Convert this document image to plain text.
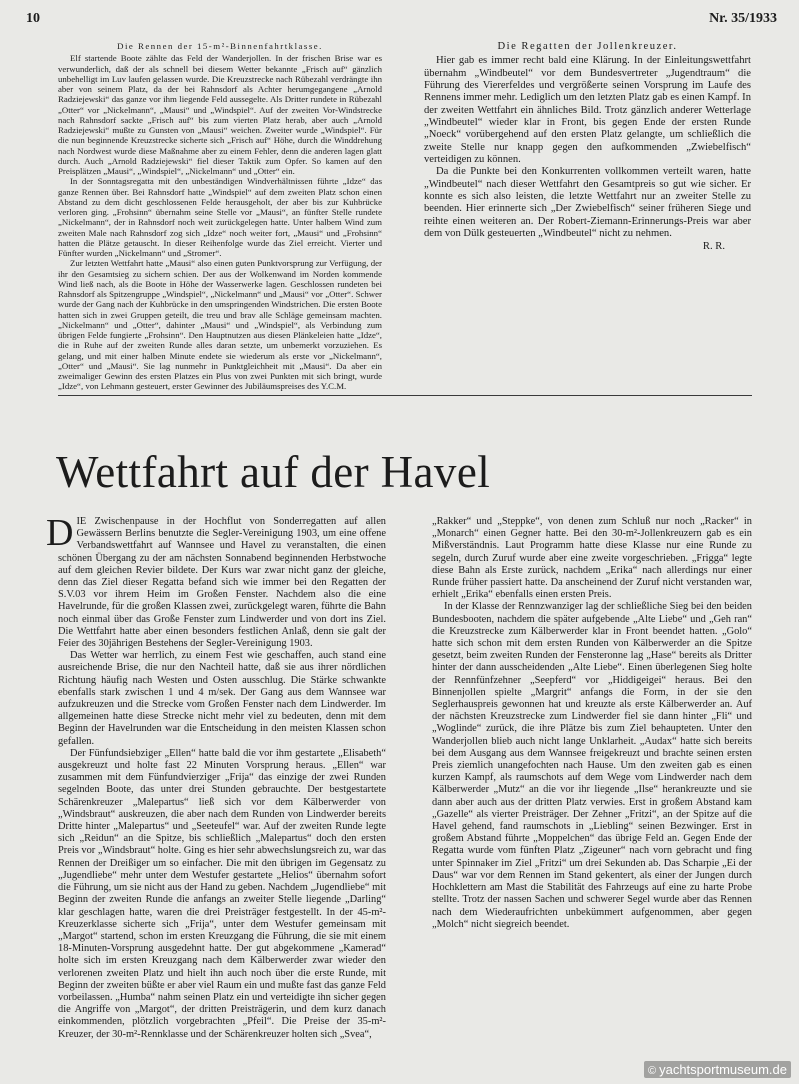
10	Nr. 35/1933

Die Rennen der 15-m²-Binnenfahrtklasse.

Elf startende Boote zählte das Feld der Wanderjollen. In der frischen Brise war es verwunderlich, daß der als schnell bei diesem Wetter bekannte „Frisch auf“ gänzlich unbehelligt im Luv laufen gelassen wurde. Die Kreuzstrecke nach Rübezahl verdrängte ihn aber von seinem Platz, da der bei Rahnsdorf als Achter herumgegangene „Arnold Radziejewski“ das ganze vor ihm liegende Feld aussegelte. Als Dritter rundete in Rübezahl „Otter“ vor „Nickelmann“, „Mausi“ und „Windspiel“. Auf der zweiten Vor-Windstrecke nach Rahnsdorf sackte „Frisch auf“ bis zum vierten Platz herab, aber auch „Arnold Radziejewski“ mußte zu Gunsten von „Mausi“ weichen. Zweiter wurde „Windspiel“. Für die nun beginnende Kreuzstrecke sicherte sich „Frisch auf“ Höhe, durch die Winddrehung nach Nordwest wurde diese Maßnahme aber zu einem Fehler, denn die anderen lagen glatt durch. Auch „Arnold Radziejewski“ fiel dieser Taktik zum Opfer. So kamen auf den Preisplätzen „Mausi“, „Windspiel“, „Nickelmann“ und „Otter“ ein.

In der Sonntagsregatta mit den unbeständigen Windverhältnissen führte „Idze“ das ganze Rennen über. Bei Rahnsdorf hatte „Windspiel“ auf dem zweiten Platz schon einen Abstand zu dem dicht geschlossenen Felde herausgeholt, der aber bis zur Kuhbrücke verloren ging. „Frohsinn“ übernahm seine Stelle vor „Mausi“, an fünfter Stelle rundete „Nickelmann“, der in Rahnsdorf noch weit zurückgelegen hatte. Unter halbem Wind zum zweiten Male nach Rahnsdorf zog sich „Idze“ noch weiter fort, „Mausi“ und „Frohsinn“ hatten die Plätze getauscht. In dieser Reihenfolge wurde das Ziel erreicht. Vierter und Fünfter wurden „Nickelmann“ und „Stromer“.

Zur letzten Wettfahrt hatte „Mausi“ also einen guten Punktvorsprung zur Verfügung, der ihr den Gesamtsieg zu sichern schien. Der aus der Wolkenwand im Norden kommende Wind ließ nach, als die Boote in Höhe der Wasserwerke lagen. Geschlossen rundeten bei Rahnsdorf als Spitzengruppe „Windspiel“, „Nickelmann“ und „Mausi“ vor „Otter“. Schwer wurde der Gang nach der Kuhbrücke in den umspringenden Windstrichen. Die ersten Boote hatten sich in zwei Gruppen geteilt, die treu und brav alle Schläge gemeinsam machten. „Nickelmann“ und „Otter“, dahinter „Mausi“ und „Windspiel“, als Verbindung zum übrigen Felde fungierte „Frohsinn“. Den Hauptnutzen aus diesen Plänkeleien hatte „Idze“, die in Ruhe auf der zweiten Runde alles daran setzte, um unbemerkt vorzuziehen. Es gelang, und mit einer halben Minute endete sie wiederum als erste vor „Nickelmann“, „Otter“ und „Mausi“. Sie lag nunmehr in Punktgleichheit mit „Mausi“. Da aber ein zweimaliger Gewinn des ersten Platzes ein Plus von zwei Punkten mit sich bringt, wurde „Idze“, von Lehmann gesteuert, erster Gewinner des Jubiläumspreises des Y.C.M.

Die Regatten der Jollenkreuzer.

Hier gab es immer recht bald eine Klärung. In der Einleitungswettfahrt übernahm „Windbeutel“ vor dem Bundesvertreter „Jugendtraum“ die Führung des Viererfeldes und vergrößerte seinen Vorsprung im Laufe des Rennens immer mehr. Lediglich um den letzten Platz gab es einen Kampf. In der zweiten Wettfahrt ein ähnliches Bild. Trotz gänzlich anderer Wetterlage „Windbeutel“ wieder klar in Front, bis gegen Ende der ersten Runde „Noeck“ vorübergehend auf den ersten Platz gelangte, um schließlich die zweite Stelle nur knapp gegen den aufkommenden „Zwiebelfisch“ verteidigen zu können.

Da die Punkte bei den Konkurrenten vollkommen verteilt waren, hatte „Windbeutel“ nach dieser Wettfahrt den Gesamtpreis so gut wie sicher. Er konnte es sich also leisten, die letzte Wettfahrt nur an zweiter Stelle zu beenden. Hier erinnerte sich „Der Zwiebelfisch“ seiner früheren Siege und reihte einen weiteren an. Der Robert-Ziemann-Erinnerungs-Preis war aber dem von Dülk gesteuerten „Windbeutel“ nicht zu nehmen.

R. R.

Wettfahrt auf der Havel

DIE Zwischenpause in der Hochflut von Sonderregatten auf allen Gewässern Berlins benutzte die Segler-Vereinigung 1903, um eine offene Verbandswettfahrt auf Wannsee und Havel zu veranstalten, die einen schönen Übergang zu der am nächsten Sonnabend beginnenden Herbstwoche auf dem gleichen Revier bildete. Der Kurs war zwar nicht ganz der gleiche, denn das Ziel dieser Regatta befand sich wie immer bei den Regatten der S.V.03 vor ihrem Heim im Großen Fenster. Nachdem also die eine Havelrunde, für die großen Klassen zwei, zurückgelegt waren, führte die Bahn noch einmal über das Große Fenster zum Lindwerder und von dort ins Ziel. Die Wettfahrt hatte aber einen besonders festlichen Anlaß, denn sie galt der Feier des 30jährigen Bestehens der Segler-Vereinigung 1903.

Das Wetter war herrlich, zu einem Fest wie geschaffen, auch stand eine ausreichende Brise, die nur den Nachteil hatte, daß sie aus ihrer nördlichen Richtung häufig nach Westen und Osten ausschlug. Die Stärke schwankte ebenfalls stark zwischen 1 und 4 m/sek. Der Gang aus dem Wannsee war aufzukreuzen und die Strecke vom Großen Fenster nach dem Lindwerder. Im allgemeinen hatte diese Strecke nicht mehr viel zu bedeuten, denn mit dem Beginn der Havelrunden war die Entscheidung in den meisten Klassen schon gefallen.

Der Fünfundsiebziger „Ellen“ hatte bald die vor ihm gestartete „Elisabeth“ ausgekreuzt und holte fast 22 Minuten Vorsprung heraus. „Ellen“ war zusammen mit dem Fünfundvierziger „Frija“ das einzige der zwei Runden segelnden Boote, das unter drei Stunden gebrauchte. Der bestgestartete Schärenkreuzer „Malepartus“ ließ sich vor dem Kälberwerder von „Windsbraut“ auskreuzen, die aber nach dem Runden von Lindwerder bereits Dritte hinter „Malepartus“ und „Seeteufel“ war. Auf der zweiten Runde legte sich „Reidun“ an die Spitze, bis schließlich „Malepartus“ doch den ersten Preis vor „Windsbraut“ holte. Ging es hier sehr abwechslungsreich zu, war das Rennen der Dreißiger um so einfacher. Die mit den übrigen im Gegensatz zu „Jugendliebe“ mehr unter dem Westufer gestartete „Helios“ übernahm sofort die Führung, um sie nicht aus der Hand zu geben. Nachdem „Jugendliebe“ mit Beginn der zweiten Runde die anfangs an zweiter Stelle liegende „Darling“ klar geschlagen hatte, waren die drei Preisträger festgestellt. In der 45-m²-Kreuzerklasse sicherte sich „Frija“, unter dem Westufer gemeinsam mit „Margot“ startend, schon im ersten Kreuzgang die Führung, die sie mit einem 18-Minuten-Vorsprung ausgedehnt hatte. Der gut abgekommene „Kamerad“ holte sich im ersten Kreuzgang nach dem Kälberwerder zwar wieder den verlorenen zweiten Platz und hielt ihn auch noch über die erste Runde, mit Beginn der zweiten büßte er aber viel Raum ein und mußte fast das ganze Feld vorbeilassen. „Humba“ nahm seinen Platz ein und verteidigte ihn sicher gegen die Angriffe von „Margot“, der dritten Preisträgerin, und dem kurz danach einkommenden, plötzlich vorgebrachten „Pfeil“. Die Preise der 35-m²-Kreuzer, der 30-m²-Rennklasse und der Schärenkreuzer holten sich „Svea“,

„Rakker“ und „Steppke“, von denen zum Schluß nur noch „Racker“ in „Monarch“ einen Gegner hatte. Bei den 30-m²-Jollenkreuzern gab es ein Mißverständnis. Laut Programm hatte diese Klasse nur eine Runde zu segeln, durch Zuruf wurde aber eine zweite vorgeschrieben. „Frigga“ legte diese Bahn als Erste zurück, nachdem „Erika“ nach allerdings nur einer Runde früher passiert hatte. Da anscheinend der Zuruf nicht verstanden war, erhielt „Erika“ ebenfalls einen ersten Preis.

In der Klasse der Rennzwanziger lag der schließliche Sieg bei den beiden Bundesbooten, nachdem die später aufgebende „Alte Liebe“ und „Geh ran“ die Kreuzstrecke zum Kälberwerder klar in Front beendet hatten. „Golo“ hatte sich schon mit dem ersten Runden von Kälberwerder an die Spitze gesetzt, beim zweiten Runden der Fensteronne lag „Hase“ bereits als Dritter hinter der dann ausscheidenden „Alte Liebe“. Einen überlegenen Sieg holte der Rennfünfzehner „Seepferd“ vor „Hiddigeigei“ heraus. Bei den Binnenjollen spielte „Margrit“ anfangs die Form, in der sie den Seglerhauspreis gewonnen hat und kreuzte als erste Kälberwerder an. Auf der nächsten Kreuzstrecke zum Lindwerder fiel sie dann hinter „Fli“ und „Woglinde“ zurück, die ihre Plätze bis zum Ziel behaupteten. Unter den Wanderjollen blieb auch nicht lange Unklarheit. „Audax“ hatte sich bereits bei dem Ausgang aus dem Wannsee freigekreuzt und brachte seinen ersten Preis ziemlich unangefochten nach Hause. Um den zweiten gab es einen kurzen Kampf, als raumschots auf dem Wege vom Lindwerder nach dem Kälberwerder „Mutz“ an die vor ihr liegende „Ilse“ herankreuzte und sie dann aber auch aus der dritten Platz verwies. Erst in großem Abstand kam „Gazelle“ als vierter Preisträger. Der Zehner „Fritzi“, an der Spitze auf die Havel gehend, fand raumschots in „Liebling“ seinen Bezwinger. Erst in großem Abstand führte „Moppelchen“ das übrige Feld an. Gegen Ende der Regatta wurde vom fünften Platz „Zigeuner“ nach vorn gebracht und fing unter Spinnaker im Ziel „Fritzi“ um drei Sekunden ab. Das Scharpie „Ei der Daus“ war vor dem Rennen im Stand gekentert, als einer der Jungen durch Hochklettern am Mast die Stabilität des Fahrzeugs auf eine zu harte Probe stellte. Trotz der nassen Sachen und schwerer Segel wurde aber das Rennen nach dem Wiederaufrichten unbekümmert aufgenommen, aber gegen „Molch“ nicht siegreich beendet.

© yachtsportmuseum.de
